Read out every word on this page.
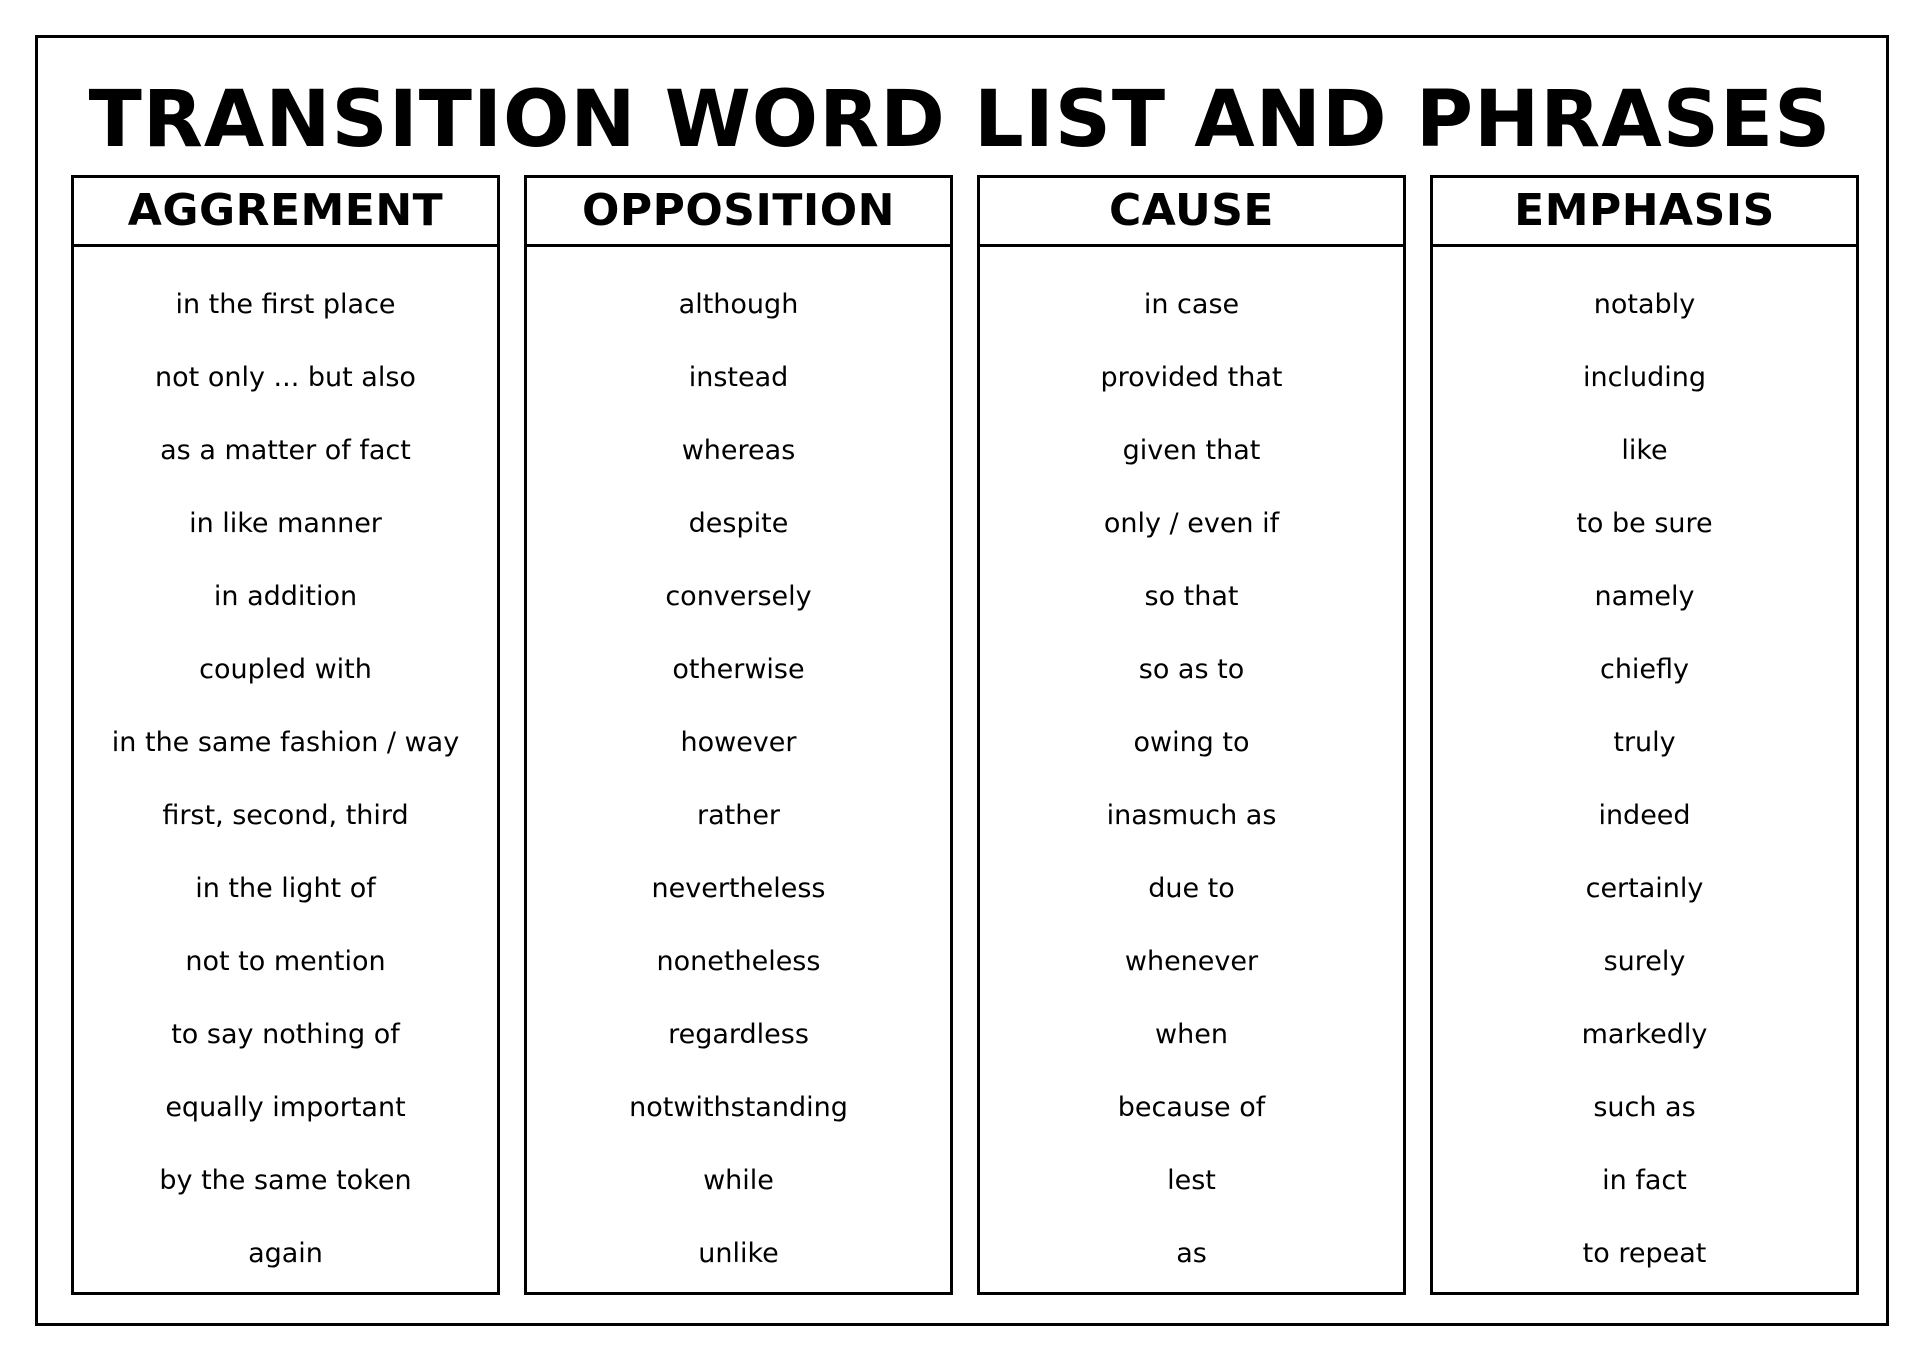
TRANSITION WORD LIST AND PHRASES
AGGREMENT
in the first place
not only ... but also
as a matter of fact
in like manner
in addition
coupled with
in the same fashion / way
first, second, third
in the light of
not to mention
to say nothing of
equally important
by the same token
again
OPPOSITION
although
instead
whereas
despite
conversely
otherwise
however
rather
nevertheless
nonetheless
regardless
notwithstanding
while
unlike
CAUSE
in case
provided that
given that
only / even if
so that
so as to
owing to
inasmuch as
due to
whenever
when
because of
lest
as
EMPHASIS
notably
including
like
to be sure
namely
chiefly
truly
indeed
certainly
surely
markedly
such as
in fact
to repeat
